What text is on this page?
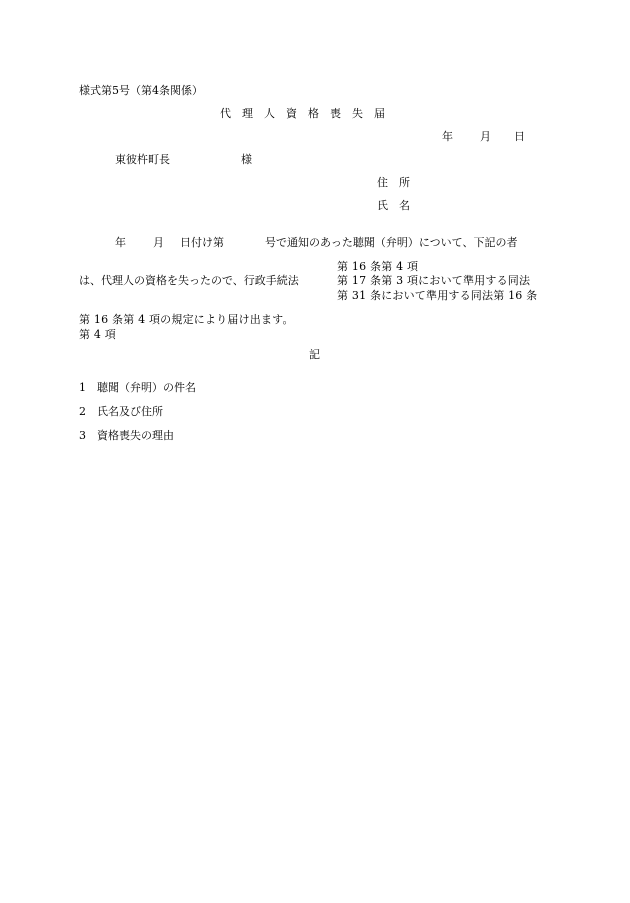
様式第5号（第4条関係）

代　理　人　資　格　喪　失　届

年 月 日

東彼杵町長	様

住　所

氏　名

年 月 日付け第	号で通知のあった聴聞（弁明）について、下記の者

第 16 条第 4 項

は、代理人の資格を失ったので、行政手続法	第 17 条第 3 項において準用する同法

第 31 条において準用する同法第 16 条

第 16 条第 4 項の規定により届け出ます。

第 4 項

記

1 聴聞（弁明）の件名

2 氏名及び住所

3 資格喪失の理由
